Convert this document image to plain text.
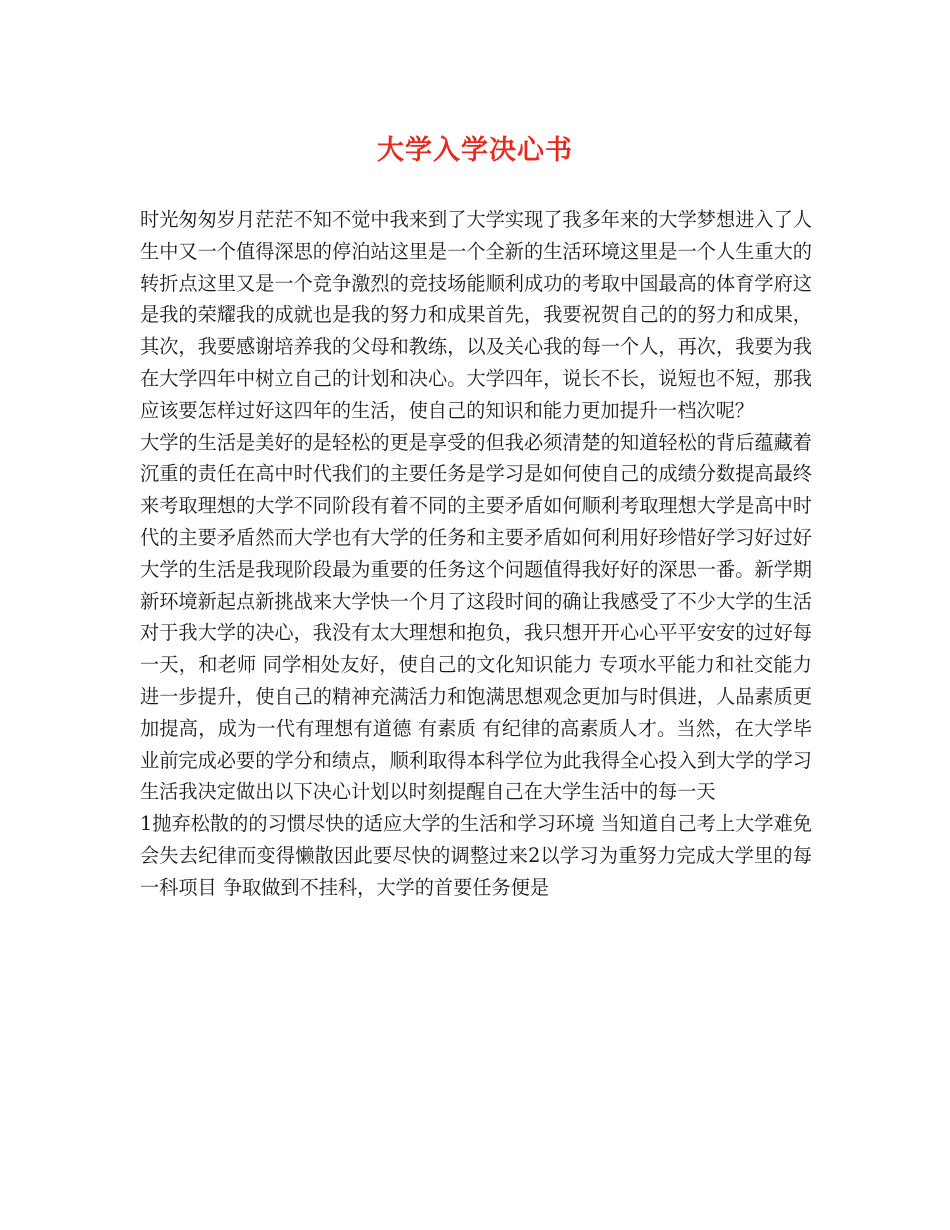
大学入学决心书

时光匆匆岁月茫茫不知不觉中我来到了大学实现了我多年来的大学梦想进入了人生中又一个值得深思的停泊站这里是一个全新的生活环境这里是一个人生重大的转折点这里又是一个竞争激烈的竞技场能顺利成功的考取中国最高的体育学府这是我的荣耀我的成就也是我的努力和成果首先，我要祝贺自己的的努力和成果，其次，我要感谢培养我的父母和教练，以及关心我的每一个人，再次，我要为我在大学四年中树立自己的计划和决心。大学四年，说长不长，说短也不短，那我应该要怎样过好这四年的生活，使自己的知识和能力更加提升一档次呢？

大学的生活是美好的是轻松的更是享受的但我必须清楚的知道轻松的背后蕴藏着沉重的责任在高中时代我们的主要任务是学习是如何使自己的成绩分数提高最终来考取理想的大学不同阶段有着不同的主要矛盾如何顺利考取理想大学是高中时代的主要矛盾然而大学也有大学的任务和主要矛盾如何利用好珍惜好学习好过好大学的生活是我现阶段最为重要的任务这个问题值得我好好的深思一番。新学期新环境新起点新挑战来大学快一个月了这段时间的确让我感受了不少大学的生活对于我大学的决心，我没有太大理想和抱负，我只想开开心心平平安安的过好每一天，和老师 同学相处友好，使自己的文化知识能力 专项水平能力和社交能力进一步提升，使自己的精神充满活力和饱满思想观念更加与时俱进，人品素质更加提高，成为一代有理想有道德 有素质 有纪律的高素质人才。当然，在大学毕业前完成必要的学分和绩点，顺利取得本科学位为此我得全心投入到大学的学习生活我决定做出以下决心计划以时刻提醒自己在大学生活中的每一天

1抛弃松散的的习惯尽快的适应大学的生活和学习环境 当知道自己考上大学难免会失去纪律而变得懒散因此要尽快的调整过来2以学习为重努力完成大学里的每一科项目 争取做到不挂科，大学的首要任务便是
